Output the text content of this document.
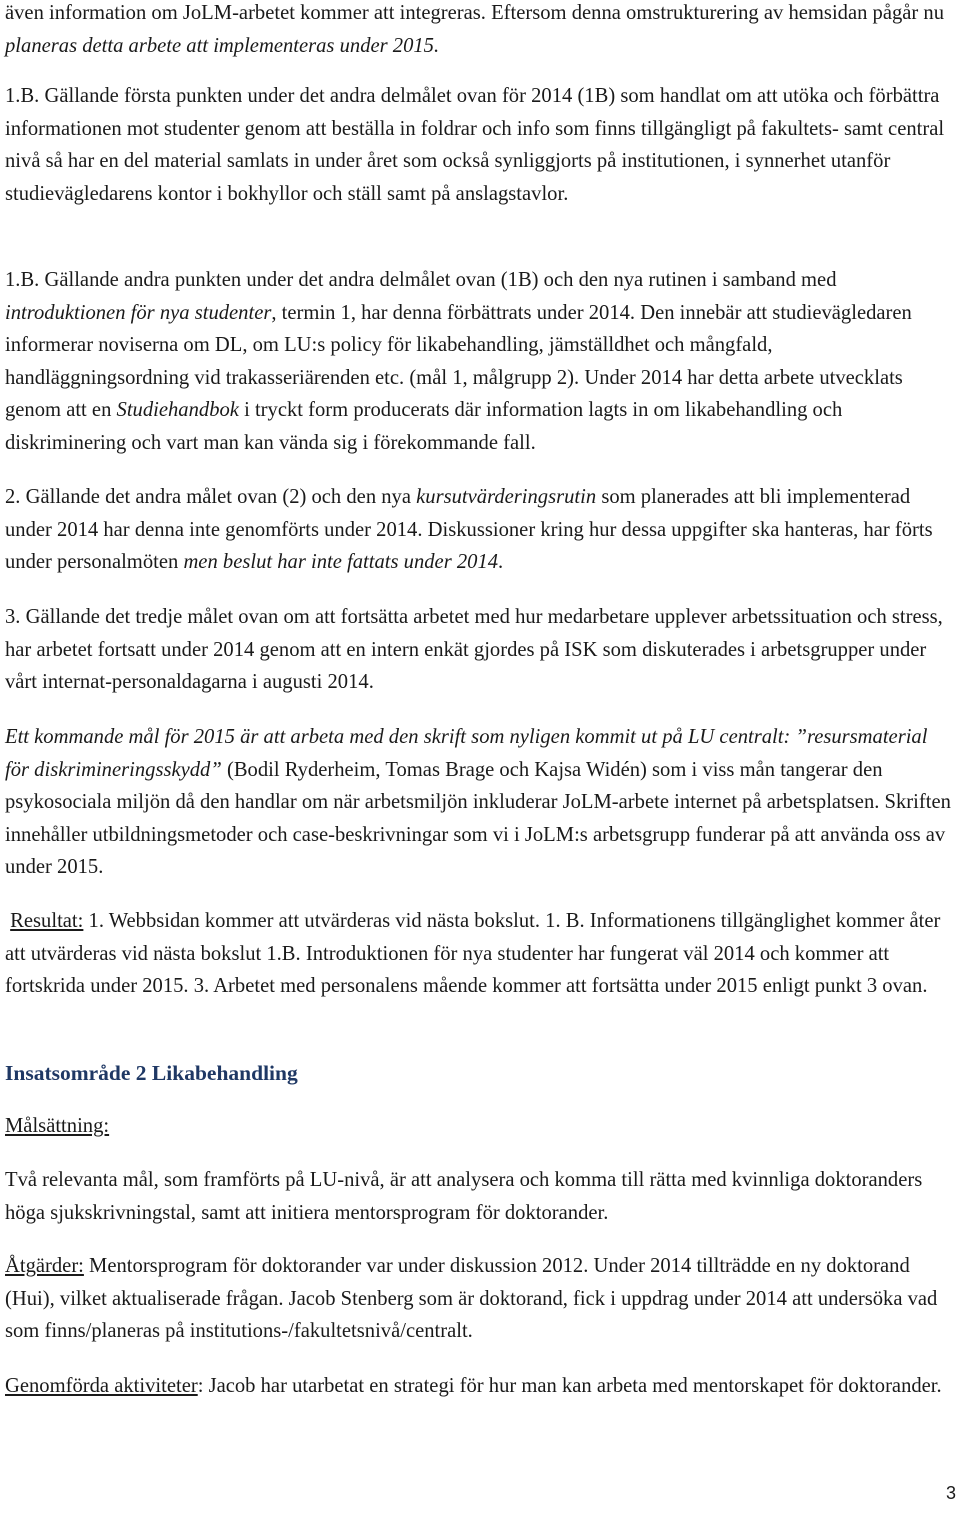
även information om JoLM-arbetet kommer att integreras. Eftersom denna omstrukturering av hemsidan pågår nu planeras detta arbete att implementeras under 2015.

1.B. Gällande första punkten under det andra delmålet ovan för 2014 (1B) som handlat om att utöka och förbättra informationen mot studenter genom att beställa in foldrar och info som finns tillgängligt på fakultets- samt central nivå så har en del material samlats in under året som också synliggjorts på institutionen, i synnerhet utanför studievägledarens kontor i bokhyllor och ställ samt på anslagstavlor.

1.B. Gällande andra punkten under det andra delmålet ovan (1B) och den nya rutinen i samband med introduktionen för nya studenter, termin 1, har denna förbättrats under 2014. Den innebär att studievägledaren informerar noviserna om DL, om LU:s policy för likabehandling, jämställdhet och mångfald, handläggningsordning vid trakasseriärenden etc. (mål 1, målgrupp 2). Under 2014 har detta arbete utvecklats genom att en Studiehandbok i tryckt form producerats där information lagts in om likabehandling och diskriminering och vart man kan vända sig i förekommande fall.

2. Gällande det andra målet ovan (2) och den nya kursutvärderingsrutin som planerades att bli implementerad under 2014 har denna inte genomförts under 2014. Diskussioner kring hur dessa uppgifter ska hanteras, har förts under personalmöten men beslut har inte fattats under 2014.

3. Gällande det tredje målet ovan om att fortsätta arbetet med hur medarbetare upplever arbetssituation och stress, har arbetet fortsatt under 2014 genom att en intern enkät gjordes på ISK som diskuterades i arbetsgrupper under vårt internat-personaldagarna i augusti 2014.

Ett kommande mål för 2015 är att arbeta med den skrift som nyligen kommit ut på LU centralt: ”resursmaterial för diskrimineringsskydd” (Bodil Ryderheim, Tomas Brage och Kajsa Widén) som i viss mån tangerar den psykosociala miljön då den handlar om när arbetsmiljön inkluderar JoLM-arbete internet på arbetsplatsen. Skriften innehåller utbildningsmetoder och case-beskrivningar som vi i JoLM:s arbetsgrupp funderar på att använda oss av under 2015.

Resultat: 1. Webbsidan kommer att utvärderas vid nästa bokslut. 1. B. Informationens tillgänglighet kommer åter att utvärderas vid nästa bokslut 1.B. Introduktionen för nya studenter har fungerat väl 2014 och kommer att fortskrida under 2015. 3. Arbetet med personalens mående kommer att fortsätta under 2015 enligt punkt 3 ovan.

Insatsområde 2 Likabehandling

Målsättning:

Två relevanta mål, som framförts på LU-nivå, är att analysera och komma till rätta med kvinnliga doktoranders höga sjukskrivningstal, samt att initiera mentorsprogram för doktorander.

Åtgärder: Mentorsprogram för doktorander var under diskussion 2012. Under 2014 tillträdde en ny doktorand (Hui), vilket aktualiserade frågan. Jacob Stenberg som är doktorand, fick i uppdrag under 2014 att undersöka vad som finns/planeras på institutions-/fakultetsnivå/centralt.

Genomförda aktiviteter: Jacob har utarbetat en strategi för hur man kan arbeta med mentorskapet för doktorander.

3
